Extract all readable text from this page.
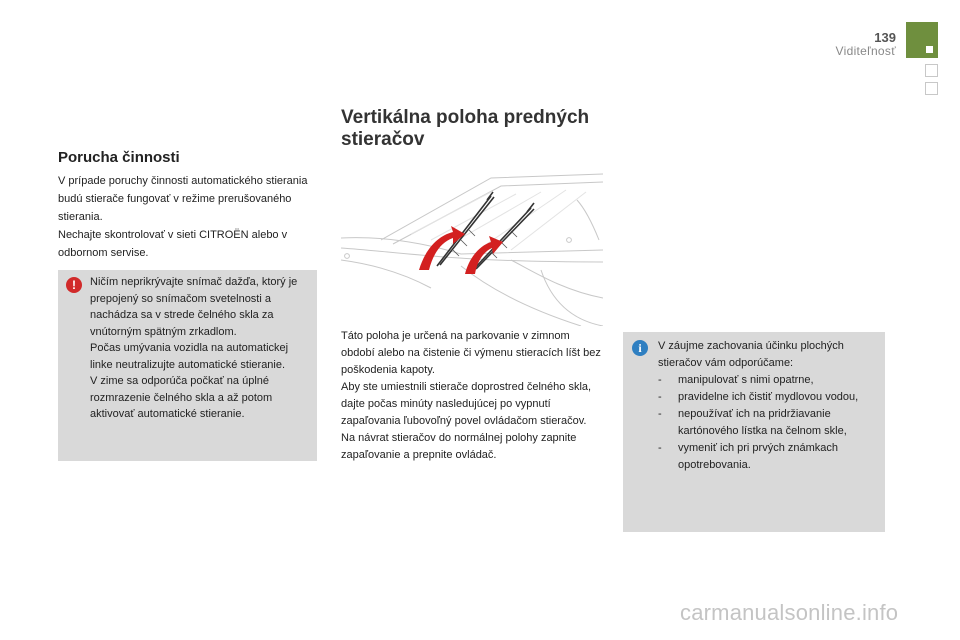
139
Viditeľnosť
Porucha činnosti

V prípade poruchy činnosti automatického stierania budú stierače fungovať v režime prerušovaného stierania.

Nechajte skontrolovať v sieti CITROËN alebo v odbornom servise.

!	Ničím neprikrývajte snímač dažďa, ktorý je prepojený so snímačom svetelnosti a nachádza sa v strede čelného skla za vnútorným spätným zrkadlom.

Počas umývania vozidla na automatickej linke neutralizujte automatické stieranie.

V zime sa odporúča počkať na úplné rozmrazenie čelného skla a až potom aktivovať automatické stieranie.

Vertikálna poloha predných stieračov

Táto poloha je určená na parkovanie v zimnom období alebo na čistenie či výmenu stieracích líšt bez poškodenia kapoty.

Aby ste umiestnili stierače doprostred čelného skla, dajte počas minúty nasledujúcej po vypnutí zapaľovania ľubovoľný povel ovládačom stieračov.

Na návrat stieračov do normálnej polohy zapnite zapaľovanie a prepnite ovládač.

i	V záujme zachovania účinku plochých stieračov vám odporúčame:

-	manipulovať s nimi opatrne,
-	pravidelne ich čistiť mydlovou vodou,
-	nepoužívať ich na pridržiavanie kartónového lístka na čelnom skle,
-	vymeniť ich pri prvých známkach opotrebovania.
carmanualsonline.info
